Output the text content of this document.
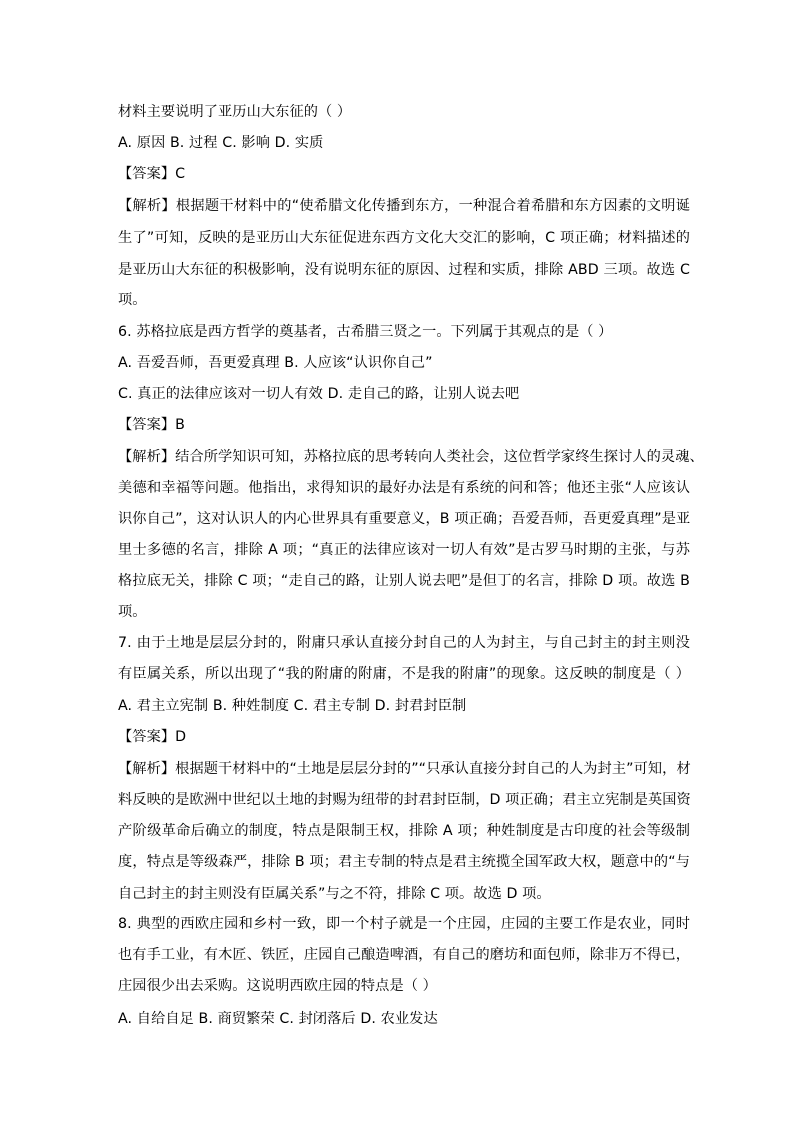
材料主要说明了亚历山大东征的（ ）
A. 原因 B. 过程 C. 影响 D. 实质
【答案】C
【解析】根据题干材料中的“使希腊文化传播到东方，一种混合着希腊和东方因素的文明诞
生了”可知，反映的是亚历山大东征促进东西方文化大交汇的影响，C 项正确；材料描述的
是亚历山大东征的积极影响，没有说明东征的原因、过程和实质，排除 ABD 三项。故选 C
项。
6. 苏格拉底是西方哲学的奠基者，古希腊三贤之一。下列属于其观点的是（ ）
A. 吾爱吾师，吾更爱真理 B. 人应该“认识你自己”
C. 真正的法律应该对一切人有效 D. 走自己的路，让别人说去吧
【答案】B
【解析】结合所学知识可知，苏格拉底的思考转向人类社会，这位哲学家终生探讨人的灵魂、
美德和幸福等问题。他指出，求得知识的最好办法是有系统的问和答；他还主张“人应该认
识你自己”，这对认识人的内心世界具有重要意义，B 项正确；吾爱吾师，吾更爱真理”是亚
里士多德的名言，排除 A 项；“真正的法律应该对一切人有效”是古罗马时期的主张，与苏
格拉底无关，排除 C 项；“走自己的路，让别人说去吧”是但丁的名言，排除 D 项。故选 B
项。
7. 由于土地是层层分封的，附庸只承认直接分封自己的人为封主，与自己封主的封主则没
有臣属关系，所以出现了“我的附庸的附庸，不是我的附庸”的现象。这反映的制度是（ ）
A. 君主立宪制 B. 种姓制度 C. 君主专制 D. 封君封臣制
【答案】D
【解析】根据题干材料中的“土地是层层分封的”“只承认直接分封自己的人为封主”可知，材
料反映的是欧洲中世纪以土地的封赐为纽带的封君封臣制，D 项正确；君主立宪制是英国资
产阶级革命后确立的制度，特点是限制王权，排除 A 项；种姓制度是古印度的社会等级制
度，特点是等级森严，排除 B 项；君主专制的特点是君主统揽全国军政大权，题意中的“与
自己封主的封主则没有臣属关系”与之不符，排除 C 项。故选 D 项。
8. 典型的西欧庄园和乡村一致，即一个村子就是一个庄园，庄园的主要工作是农业，同时
也有手工业，有木匠、铁匠，庄园自己酿造啤酒，有自己的磨坊和面包师，除非万不得已，
庄园很少出去采购。这说明西欧庄园的特点是（ ）
A. 自给自足 B. 商贸繁荣 C. 封闭落后 D. 农业发达
